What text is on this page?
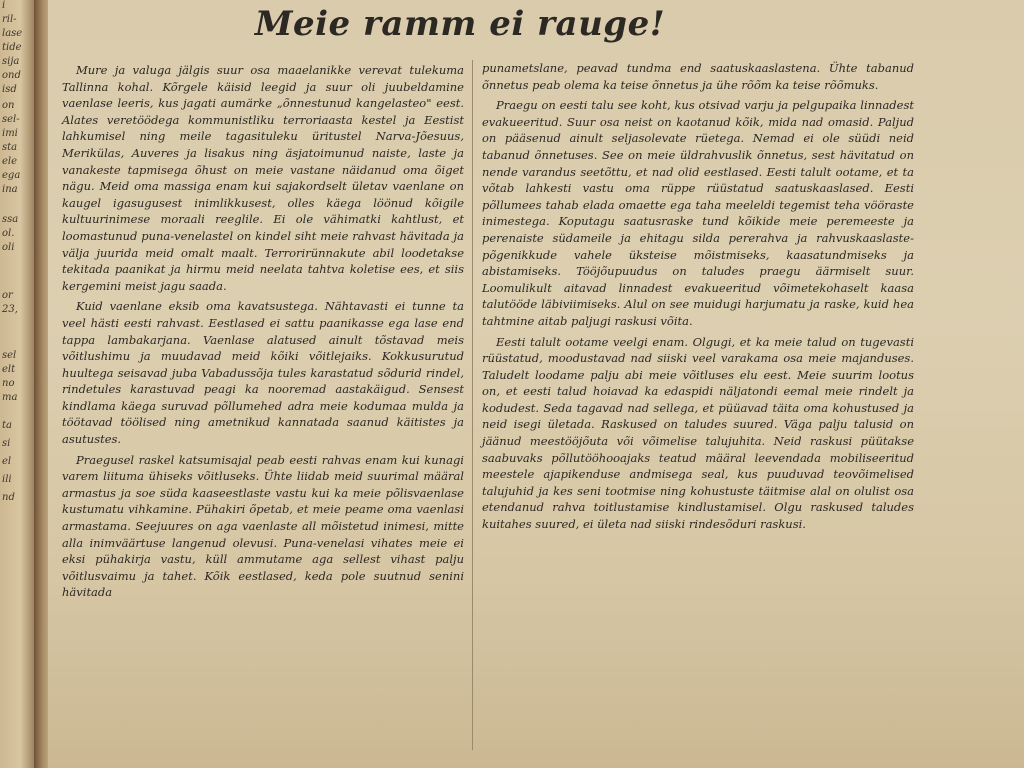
i
ril-
lase
tide
sija
ond
isd
on
sel-
imi
sta
ele
ega
ina
ssa
ol.
oli
or
23,
sel
elt
no
ma
ta
si
el
ili
nd
Meie ramm ei rauge!

Mure ja valuga jälgis suur osa maaelanikke verevat tulekuma Tallinna kohal. Kõrgele käisid leegid ja suur oli juubeldamine vaenlase leeris, kus jagati aumärke „õnnestunud kangelasteo" eest. Alates veretöödega kommunistliku terroriaasta kestel ja Eestist lahkumisel ning meile tagasituleku üritustel Narva-Jõesuus, Merikülas, Auveres ja lisakus ning äsjatoimunud naiste, laste ja vanakeste tapmisega õhust on meie vastane näidanud oma õiget nägu. Meid oma massiga enam kui sajakordselt ületav vaenlane on kaugel igasugusest inimlikkusest, olles käega löönud kõigile kultuurinimese moraali reeglile. Ei ole vähimatki kahtlust, et loomastunud puna-venelastel on kindel siht meie rahvast hävitada ja välja juurida meid omalt maalt. Terrorirünnakute abil loodetakse tekitada paanikat ja hirmu meid neelata tahtva koletise ees, et siis kergemini meist jagu saada.

Kuid vaenlane eksib oma kavatsustega. Nähtavasti ei tunne ta veel hästi eesti rahvast. Eestlased ei sattu paanikasse ega lase end tappa lambakarjana. Vaenlase alatused ainult tõstavad meis võitlushimu ja muudavad meid kõiki võitlejaiks. Kokkusurutud huultega seisavad juba Vabadussõja tules karastatud sõdurid rindel, rindetules karastuvad peagi ka nooremad aastakäigud. Sensest kindlama käega suruvad põllumehed adra meie kodumaa mulda ja töötavad töölised ning ametnikud kannatada saanud käitistes ja asutustes.

Praegusel raskel katsumisajal peab eesti rahvas enam kui kunagi varem liituma ühiseks võitluseks. Ühte liidab meid suurimal määral armastus ja soe süda kaaseestlaste vastu kui ka meie põlisvaenlase kustumatu vihkamine. Pühakiri õpetab, et meie peame oma vaenlasi armastama. Seejuures on aga vaenlaste all mõistetud inimesi, mitte alla inimväärtuse langenud olevusi. Puna-venelasi vihates meie ei eksi pühakirja vastu, küll ammutame aga sellest vihast palju võitlusvaimu ja tahet. Kõik eestlased, keda pole suutnud senini hävitada

punametslane, peavad tundma end saatuskaaslastena. Ühte tabanud õnnetus peab olema ka teise õnnetus ja ühe rõõm ka teise rõõmuks.

Praegu on eesti talu see koht, kus otsivad varju ja pelgupaika linnadest evakueeritud. Suur osa neist on kaotanud kõik, mida nad omasid. Paljud on pääsenud ainult seljasolevate rüetega. Nemad ei ole süüdi neid tabanud õnnetuses. See on meie üldrahvuslik õnnetus, sest hävitatud on nende varandus seetõttu, et nad olid eestlased. Eesti talult ootame, et ta võtab lahkesti vastu oma rüppe rüüstatud saatuskaaslased. Eesti põllumees tahab elada omaette ega taha meeleldi tegemist teha vööraste inimestega. Koputagu saatusraske tund kõikide meie peremeeste ja perenaiste südameile ja ehitagu silda pererahva ja rahvuskaaslaste-põgenikkude vahele üksteise mõistmiseks, kaasatundmiseks ja abistamiseks. Tööjõupuudus on taludes praegu äärmiselt suur. Loomulikult aitavad linnadest evakueeritud võimetekohaselt kaasa talutööde läbiviimiseks. Alul on see muidugi harjumatu ja raske, kuid hea tahtmine aitab paljugi raskusi võita.

Eesti talult ootame veelgi enam. Olgugi, et ka meie talud on tugevasti rüüstatud, moodustavad nad siiski veel varakama osa meie majanduses. Taludelt loodame palju abi meie võitluses elu eest. Meie suurim lootus on, et eesti talud hoiavad ka edaspidi näljatondi eemal meie rindelt ja kodudest. Seda tagavad nad sellega, et püüavad täita oma kohustused ja neid isegi ületada. Raskused on taludes suured. Väga palju talusid on jäänud meestööjõuta või võimelise talujuhita. Neid raskusi püütakse saabuvaks põllutööhooajaks teatud määral leevendada mobiliseeritud meestele ajapikenduse andmisega seal, kus puuduvad teovõimelised talujuhid ja kes seni tootmise ning kohustuste täitmise alal on olulist osa etendanud rahva toitlustamise kindlustamisel. Olgu raskused taludes kuitahes suured, ei ületa nad siiski rindesõduri raskusi.
